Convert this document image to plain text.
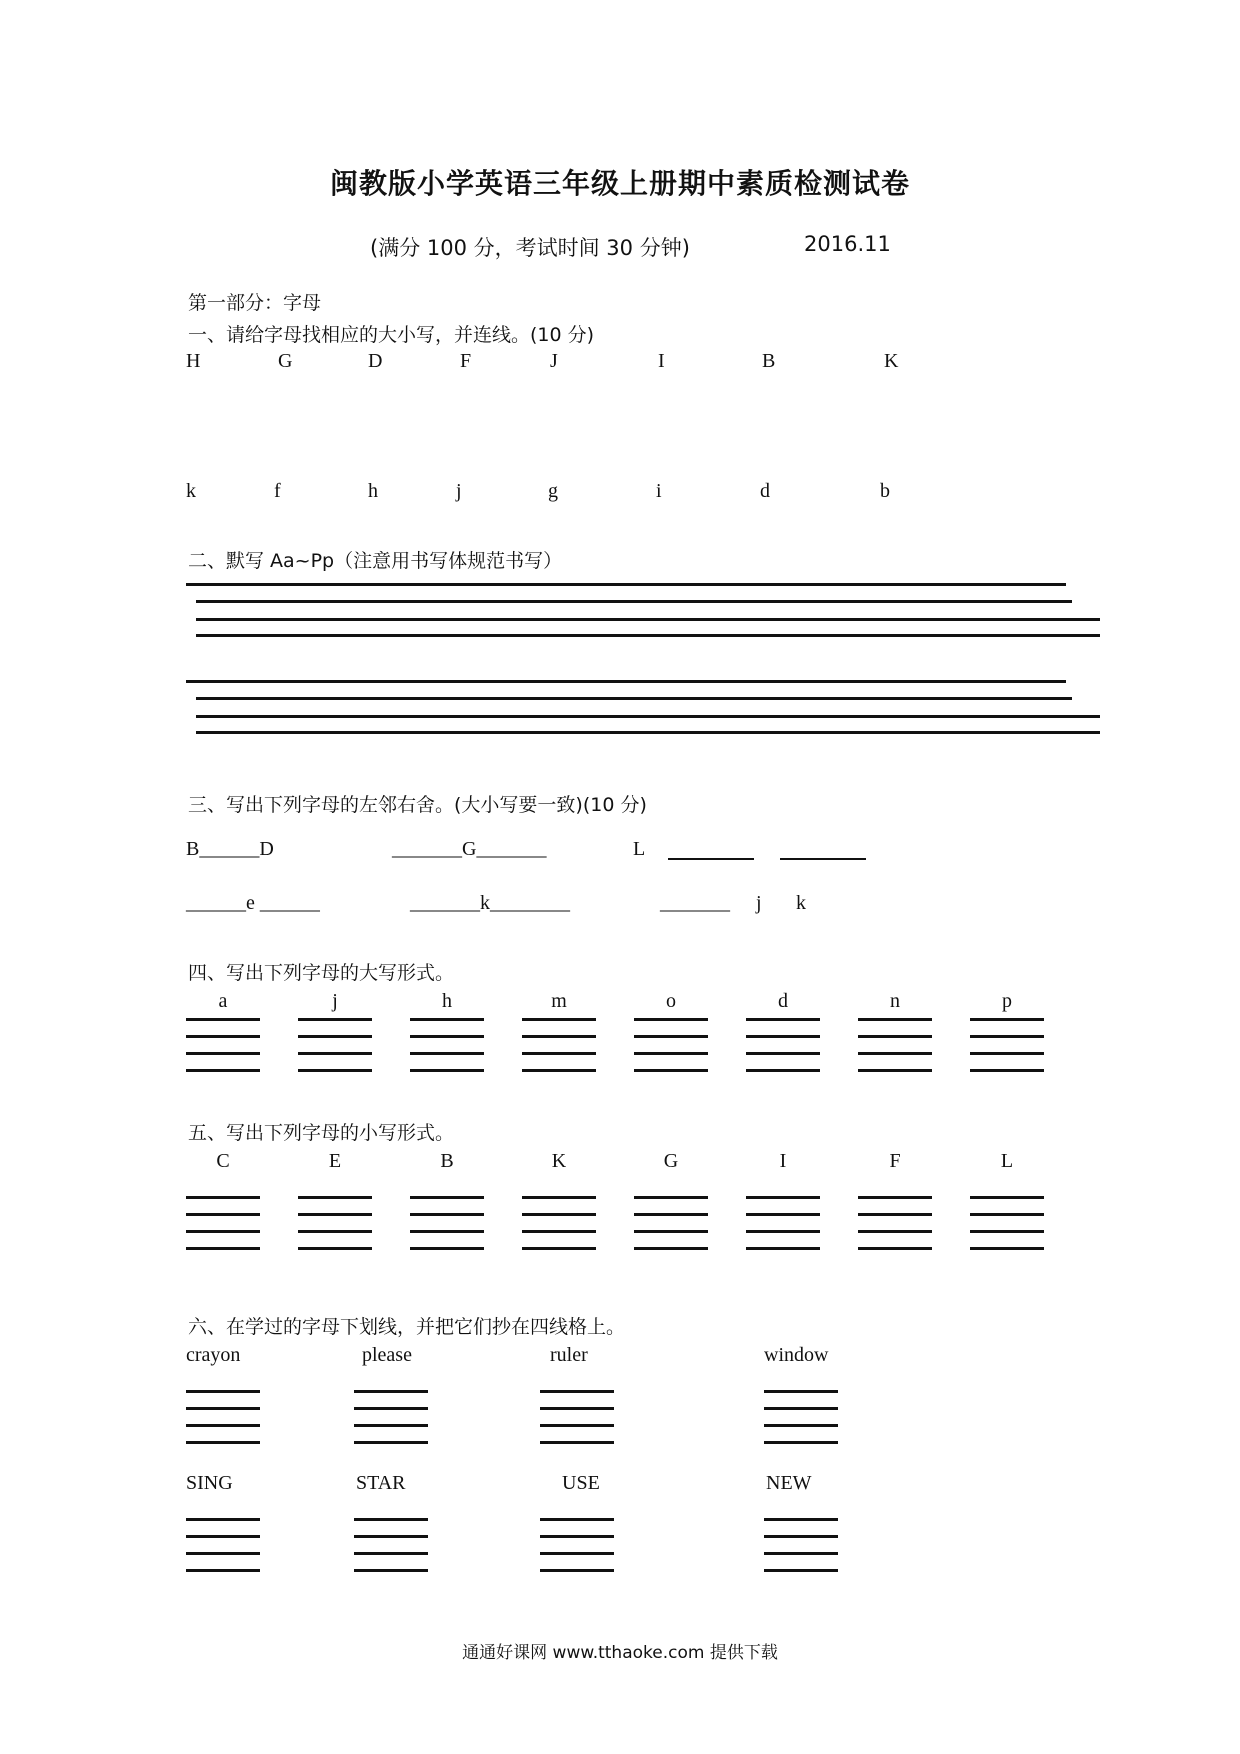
闽教版小学英语三年级上册期中素质检测试卷
(满分 100 分，考试时间 30 分钟)	2016.11
第一部分：字母
一、请给字母找相应的大小写，并连线。(10 分)
H	G	D	F	J	I	B	K
k	f	h	j	g	i	d	b
二、默写 Aa~Pp（注意用书写体规范书写）
三、写出下列字母的左邻右舍。(大小写要一致)(10 分)
B______D	_______G_______	L
______e ______	_______k________	_______ j k
四、写出下列字母的大写形式。
a	j	h	m	o	d	n	p
五、写出下列字母的小写形式。
C	E	B	K	G	I	F	L
六、在学过的字母下划线，并把它们抄在四线格上。
crayon	please	ruler	window
SING	STAR	USE	NEW
通通好课网 www.tthaoke.com 提供下载
